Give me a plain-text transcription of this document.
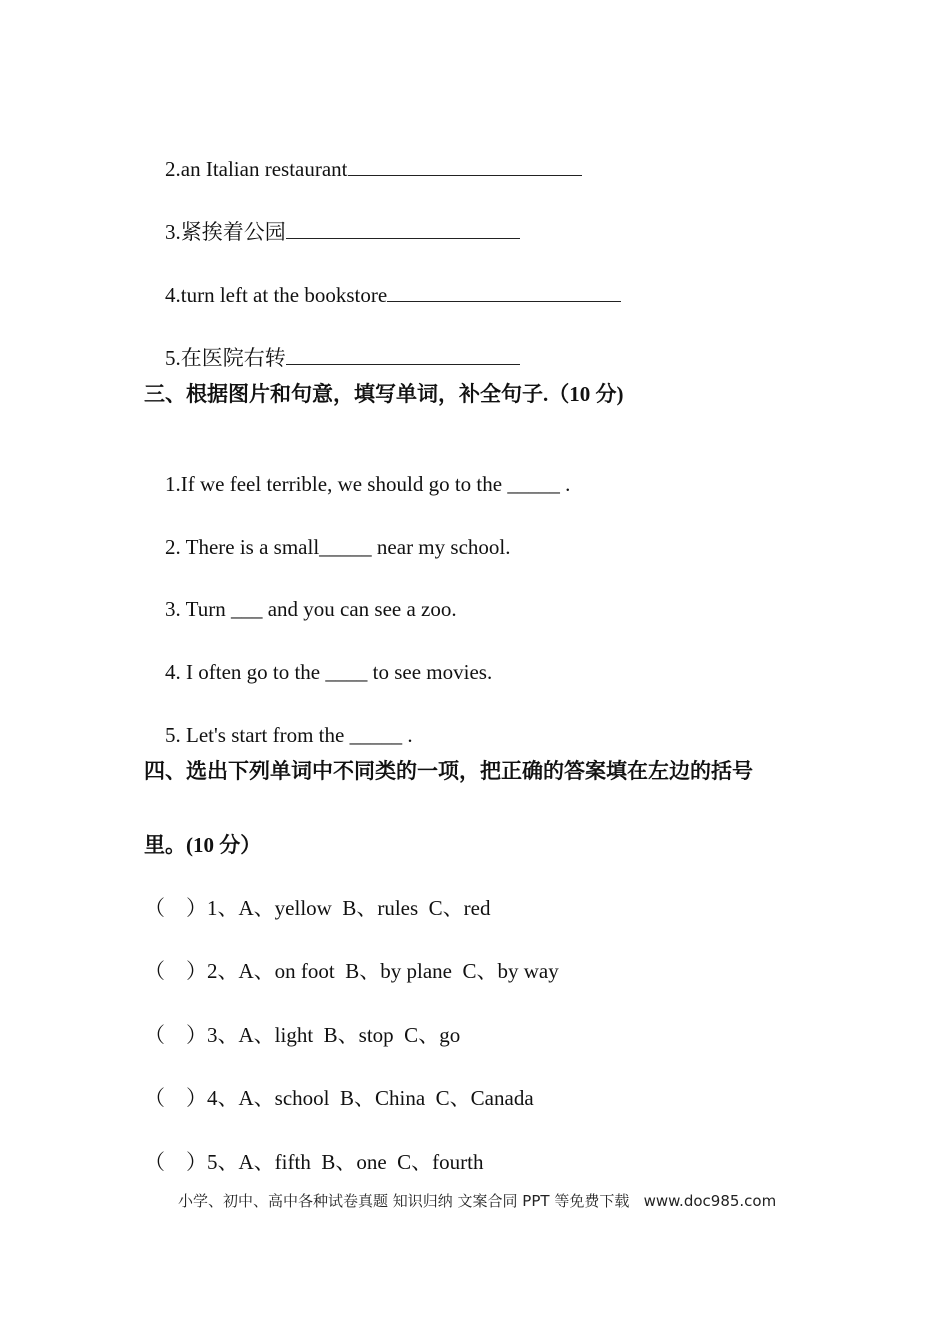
2.an Italian restaurant

3.紧挨着公园

4.turn left at the bookstore

5.在医院右转

三、根据图片和句意，填写单词，补全句子.（10 分)

1.If we feel terrible, we should go to the _____ .

2. There is a small_____ near my school.

3. Turn ___ and you can see a zoo.

4. I often go to the ____ to see movies.

5. Let's start from the _____ .

四、选出下列单词中不同类的一项，把正确的答案填在左边的括号
里。(10 分）
（　）1、A、yellow  B、rules  C、red
（　）2、A、on foot  B、by plane  C、by way
（　）3、A、light  B、stop  C、go
（　）4、A、school  B、China  C、Canada
（　）5、A、fifth  B、one  C、fourth
小学、初中、高中各种试卷真题 知识归纳 文案合同 PPT 等免费下载   www.doc985.com
